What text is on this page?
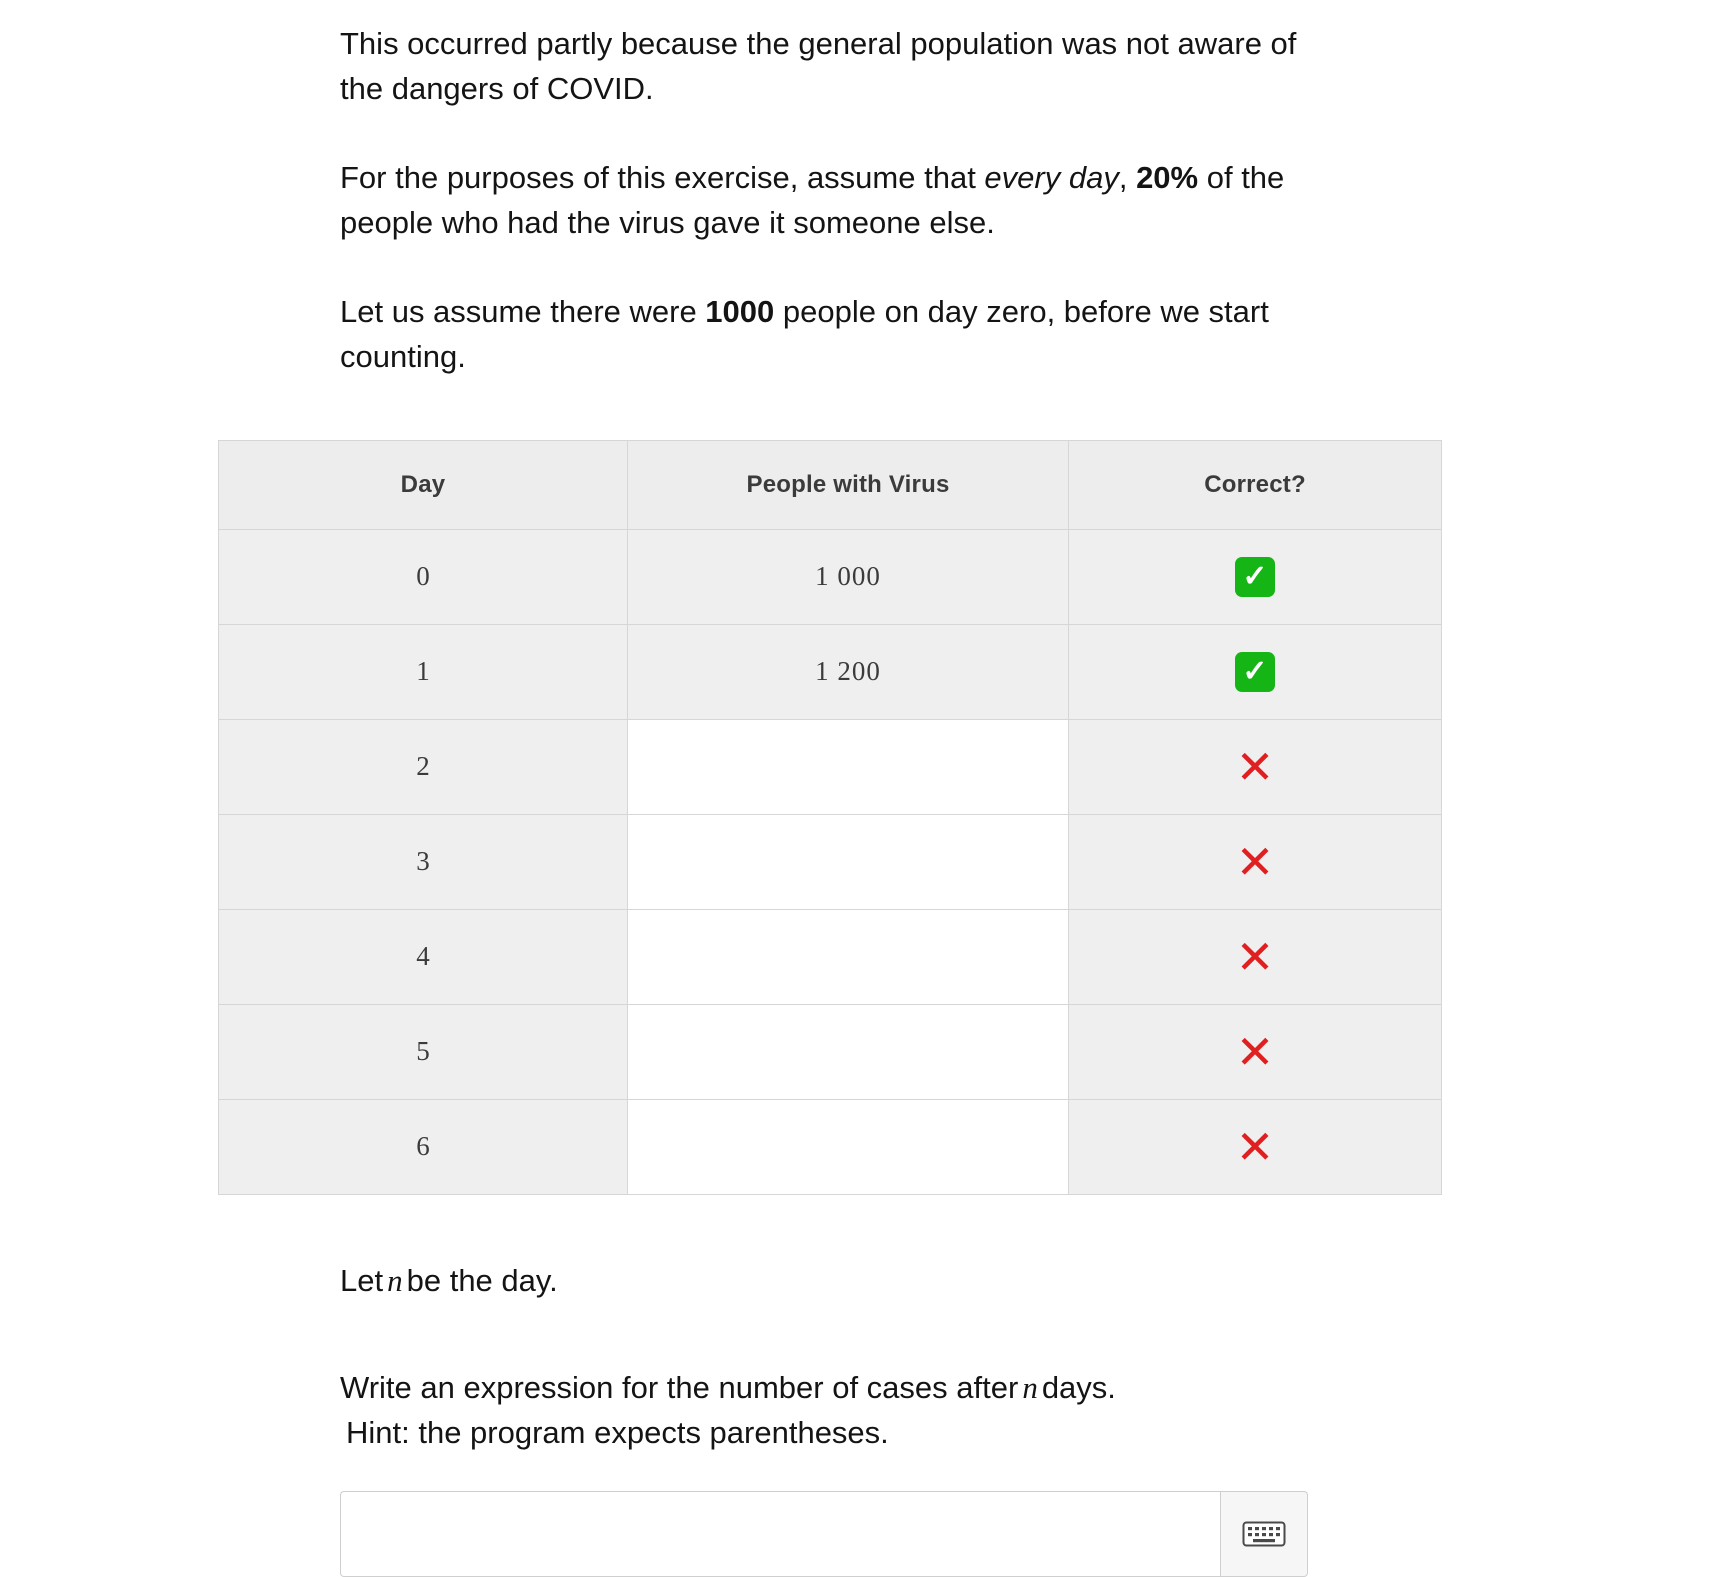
This occurred partly because the general population was not aware of the dangers of COVID.

For the purposes of this exercise, assume that every day, 20% of the people who had the virus gave it someone else.

Let us assume there were 1000 people on day zero, before we start counting.

Day	People with Virus	Correct?
0	1 000	✓
1	1 200	✓
2		✕
3		✕
4		✕
5		✕
6		✕

Let n be the day.

Write an expression for the number of cases after n days.

Hint: the program expects parentheses.
